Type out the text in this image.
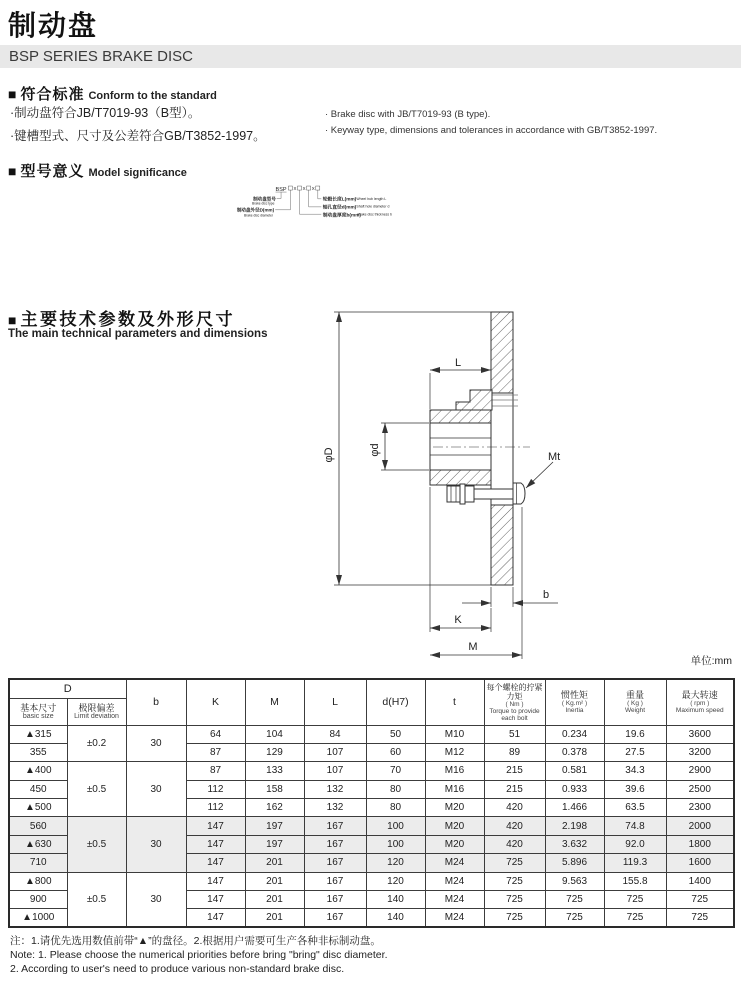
制动盘
BSP SERIES BRAKE DISC
■ 符合标准 Conform to the standard
·制动盘符合JB/T7019-93（B型）。
·键槽型式、尺寸及公差符合GB/T3852-1997。
· Brake disc with JB/T7019-93 (B type).
· Keyway type, dimensions and tolerances in accordance with GB/T3852-1997.
■ 型号意义 Model significance
BSP X X X
制动盘型号
Brake disc type
制动盘外径D(mm)
Brake disc diameter
轮毂长度L(mm) Wheel hub length L
轴孔直径d(mm) Shaft hole diameter d
制动盘厚度b(mm)
Brake disc thickness b
■ 主要技术参数及外形尺寸
The main technical parameters and dimensions
Mt
φD
L
φd
b
K
M
单位:mm
D		b	K	M	L	d(H7)	t	每个螺栓的拧紧力矩
( Nm )
Torque to provide each bolt	惯性矩
( Kg.m² )
Inertia	重量
( Kg )
Weight	最大转速
( rpm )
Maximum speed

基本尺寸
basic size	极限偏差
Limit deviation										

▲315	±0.2	30	64	104	84	50	M10	51	0.234	19.6	3600
355			87	129	107	60	M12	89	0.378	27.5	3200
▲400	±0.5	30	87	133	107	70	M16	215	0.581	34.3	2900
450			112	158	132	80	M16	215	0.933	39.6	2500
▲500			112	162	132	80	M20	420	1.466	63.5	2300
560	±0.5	30	147	197	167	100	M20	420	2.198	74.8	2000
▲630			147	197	167	100	M20	420	3.632	92.0	1800
710			147	201	167	120	M24	725	5.896	119.3	1600
▲800	±0.5	30	147	201	167	120	M24	725	9.563	155.8	1400
900			147	201	167	140	M24	725	725	725	725
▲1000			147	201	167	140	M24	725	725	725	725
注：1.请优先选用数值前带“▲”的盘径。2.根据用户需要可生产各种非标制动盘。
Note: 1. Please choose the numerical priorities before bring "bring" disc diameter.
2. According to user's need to produce various non-standard brake disc.
